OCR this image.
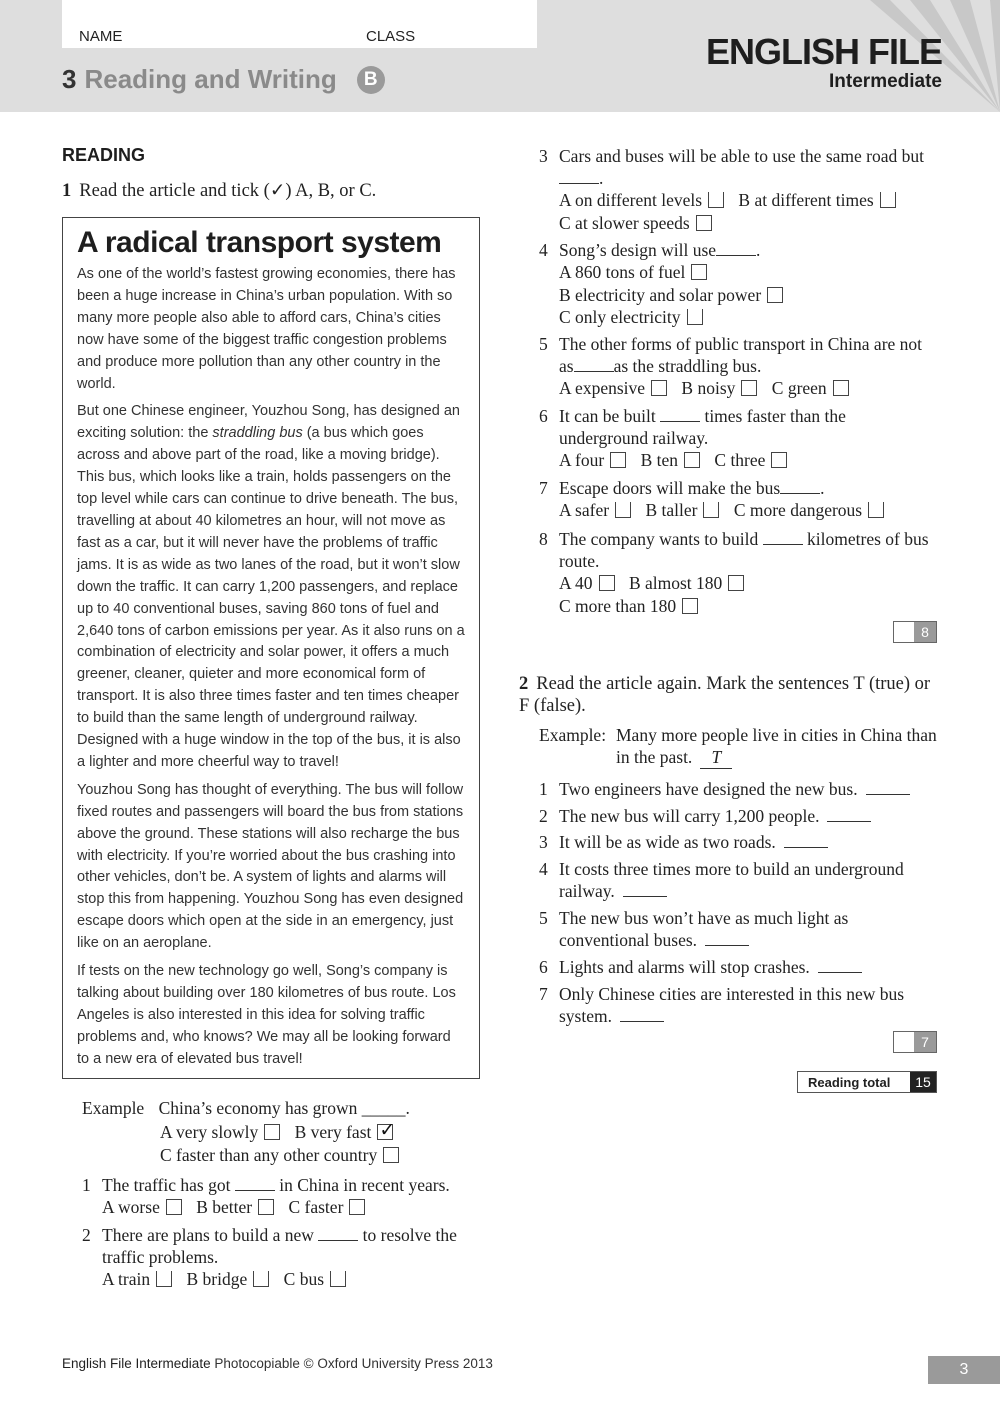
NAME	CLASS
3 Reading and Writing B
ENGLISH FILE
Intermediate
READING
1 Read the article and tick (✓) A, B, or C.
A radical transport system

As one of the world’s fastest growing economies, there has been a huge increase in China’s urban population. With so many more people also able to afford cars, China’s cities now have some of the biggest traffic congestion problems and produce more pollution than any other country in the world.

But one Chinese engineer, Youzhou Song, has designed an exciting solution: the straddling bus (a bus which goes across and above part of the road, like a moving bridge). This bus, which looks like a train, holds passengers on the top level while cars can continue to drive beneath. The bus, travelling at about 40 kilometres an hour, will not move as fast as a car, but it will never have the problems of traffic jams. It is as wide as two lanes of the road, but it won’t slow down the traffic. It can carry 1,200 passengers, and replace up to 40 conventional buses, saving 860 tons of fuel and 2,640 tons of carbon emissions per year. As it also runs on a combination of electricity and solar power, it offers a much greener, cleaner, quieter and more economical form of transport. It is also three times faster and ten times cheaper to build than the same length of underground railway. Designed with a huge window in the top of the bus, it is also a lighter and more cheerful way to travel!

Youzhou Song has thought of everything. The bus will follow fixed routes and passengers will board the bus from stations above the ground. These stations will also recharge the bus with electricity. If you’re worried about the bus crashing into other vehicles, don’t be. A system of lights and alarms will stop this from happening. Youzhou Song has even designed escape doors which open at the side in an emergency, just like on an aeroplane.

If tests on the new technology go well, Song’s company is talking about building over 180 kilometres of bus route. Los Angeles is also interested in this idea for solving traffic problems and, who knows? We may all be looking forward to a new era of elevated bus travel!

Example China’s economy has grown _____.
A very slowly B very fast✓
C faster than any other country
1 The traffic has got  in China in recent years.
A worse B better C faster
2 There are plans to build a new  to resolve the traffic problems.
A train B bridge C bus
3 Cars and buses will be able to use the same road but
.
A on different levels B at different times
C at slower speeds
4 Song’s design will use .
A 860 tons of fuel
B electricity and solar power
C only electricity
5 The other forms of public transport in China are not as as the straddling bus.
A expensive B noisy C green
6 It can be built  times faster than the underground railway.
A four B ten C three
7 Escape doors will make the bus .
A safer B taller C more dangerous
8 The company wants to build  kilometres of bus route.
A 40 B almost 180
C more than 180
8
2 Read the article again. Mark the sentences T (true) or F (false).
Example: Many more people live in cities in China than in the past. T
1 Two engineers have designed the new bus.
2 The new bus will carry 1,200 people.
3 It will be as wide as two roads.
4 It costs three times more to build an underground railway.
5 The new bus won’t have as much light as conventional buses.
6 Lights and alarms will stop crashes.
7 Only Chinese cities are interested in this new bus system.
7
Reading total	15
English File Intermediate Photocopiable © Oxford University Press 2013	3
